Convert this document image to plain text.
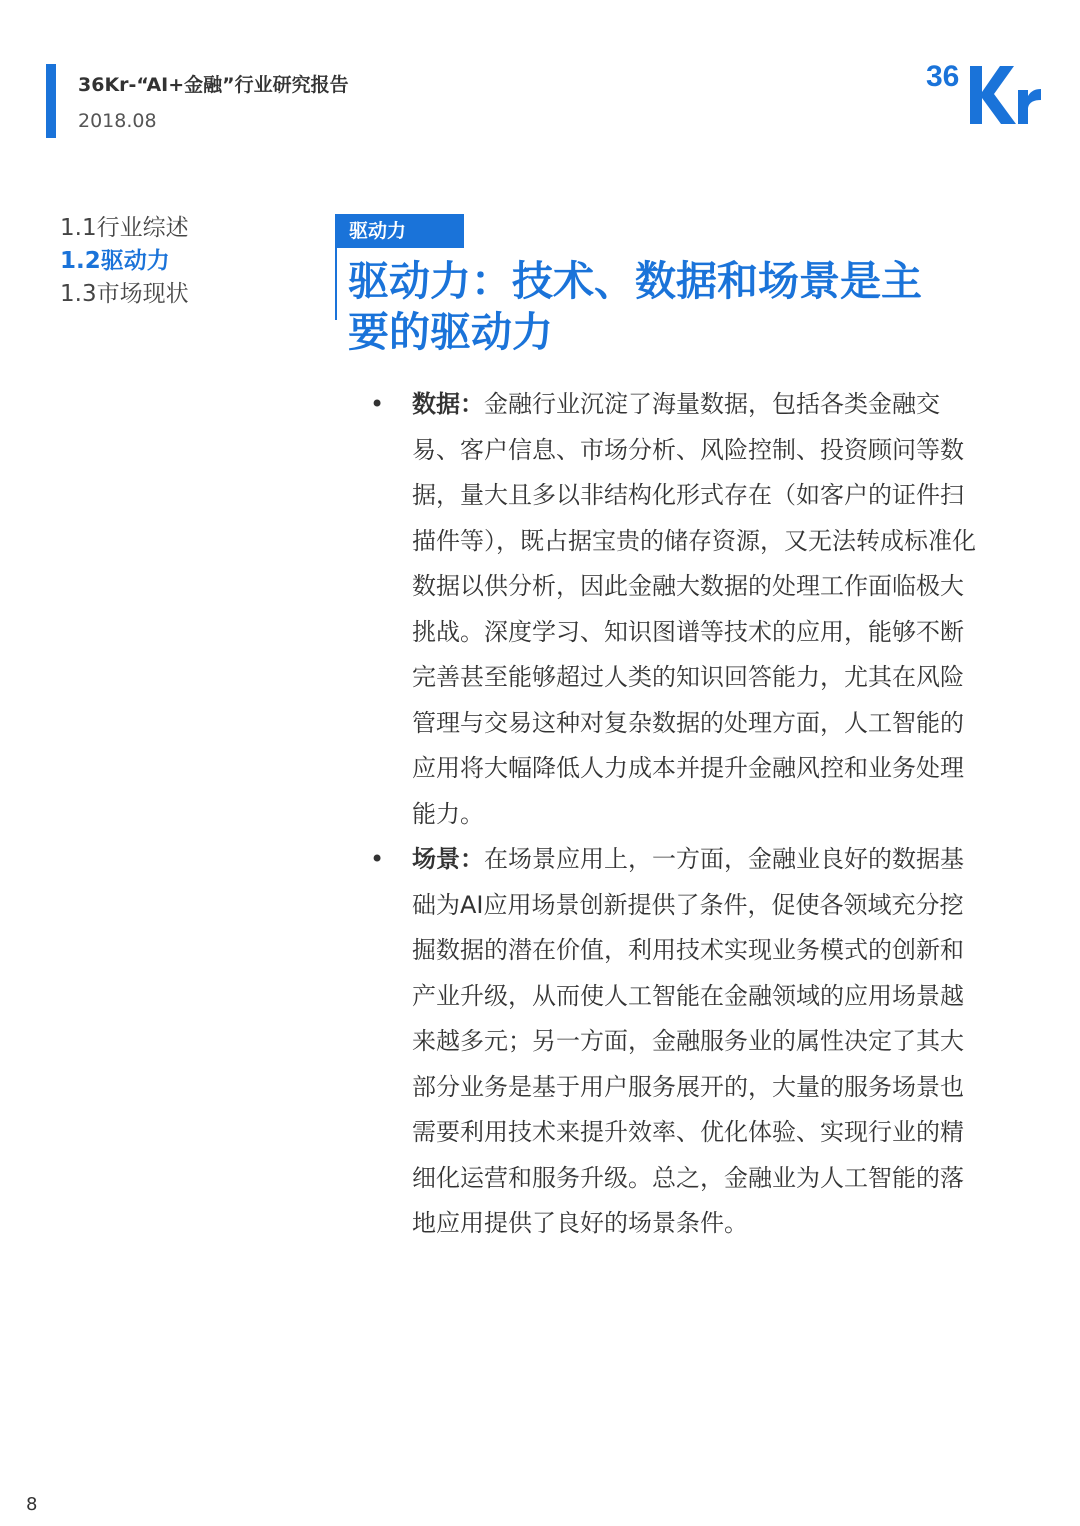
36Kr-“AI+金融”行业研究报告
2018.08
36
1.1行业综述
1.2驱动力
1.3市场现状
驱动力
驱动力：技术、数据和场景是主
要的驱动力
• 数据：金融行业沉淀了海量数据，包括各类金融交易、客户信息、市场分析、风险控制、投资顾问等数据，量大且多以非结构化形式存在（如客户的证件扫描件等），既占据宝贵的储存资源，又无法转成标准化数据以供分析，因此金融大数据的处理工作面临极大挑战。深度学习、知识图谱等技术的应用，能够不断完善甚至能够超过人类的知识回答能力，尤其在风险管理与交易这种对复杂数据的处理方面，人工智能的应用将大幅降低人力成本并提升金融风控和业务处理能力。
• 场景：在场景应用上，一方面，金融业良好的数据基础为AI应用场景创新提供了条件，促使各领域充分挖掘数据的潜在价值，利用技术实现业务模式的创新和产业升级，从而使人工智能在金融领域的应用场景越来越多元；另一方面，金融服务业的属性决定了其大部分业务是基于用户服务展开的，大量的服务场景也需要利用技术来提升效率、优化体验、实现行业的精细化运营和服务升级。总之，金融业为人工智能的落地应用提供了良好的场景条件。
8
